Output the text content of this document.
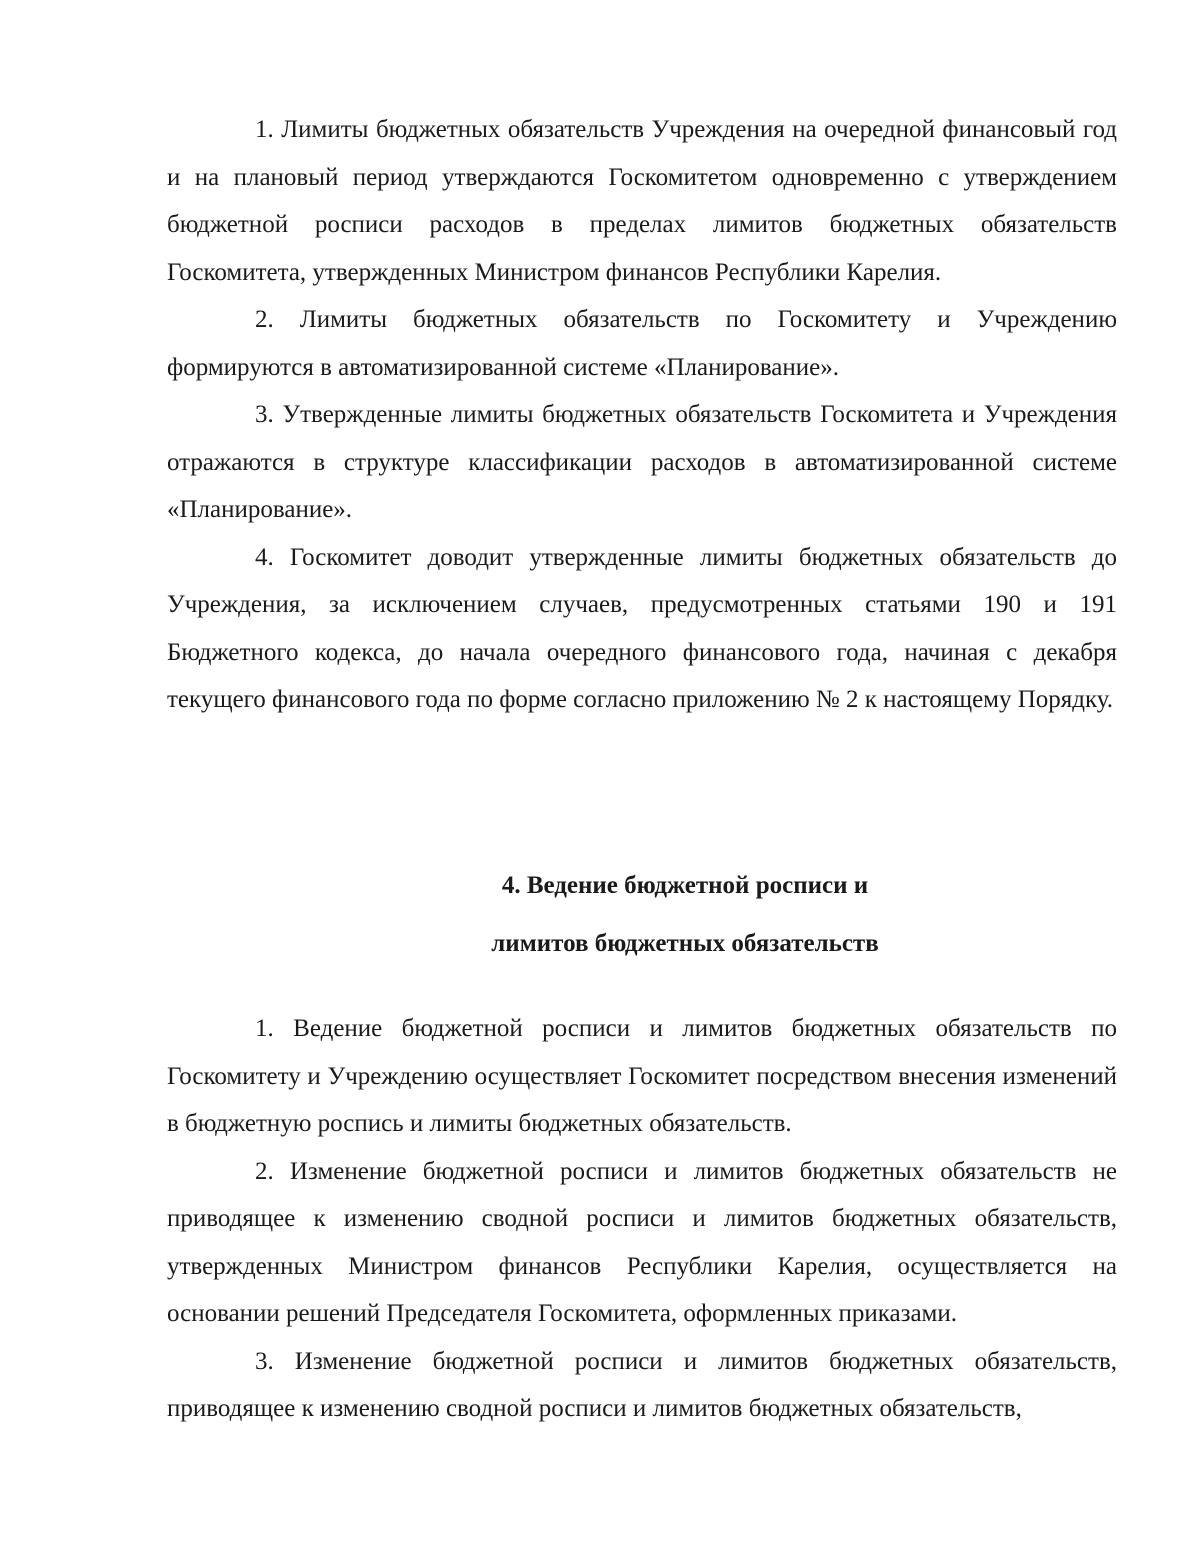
1. Лимиты бюджетных обязательств Учреждения на очередной финансовый год и на плановый период утверждаются Госкомитетом одновременно с утверждением бюджетной росписи расходов в пределах лимитов бюджетных обязательств Госкомитета, утвержденных Министром финансов Республики Карелия.

2. Лимиты бюджетных обязательств по Госкомитету и Учреждению формируются в автоматизированной системе «Планирование».

3. Утвержденные лимиты бюджетных обязательств Госкомитета и Учреждения отражаются в структуре классификации расходов в автоматизированной системе «Планирование».

4. Госкомитет доводит утвержденные лимиты бюджетных обязательств до Учреждения, за исключением случаев, предусмотренных статьями 190 и 191 Бюджетного кодекса, до начала очередного финансового года, начиная с декабря текущего финансового года по форме согласно приложению № 2 к настоящему Порядку.

4. Ведение бюджетной росписи и
лимитов бюджетных обязательств

1. Ведение бюджетной росписи и лимитов бюджетных обязательств по Госкомитету и Учреждению осуществляет Госкомитет посредством внесения изменений в бюджетную роспись и лимиты бюджетных обязательств.

2. Изменение бюджетной росписи и лимитов бюджетных обязательств не приводящее к изменению сводной росписи и лимитов бюджетных обязательств, утвержденных Министром финансов Республики Карелия, осуществляется на основании решений Председателя Госкомитета, оформленных приказами.

3. Изменение бюджетной росписи и лимитов бюджетных обязательств, приводящее к изменению сводной росписи и лимитов бюджетных обязательств,
